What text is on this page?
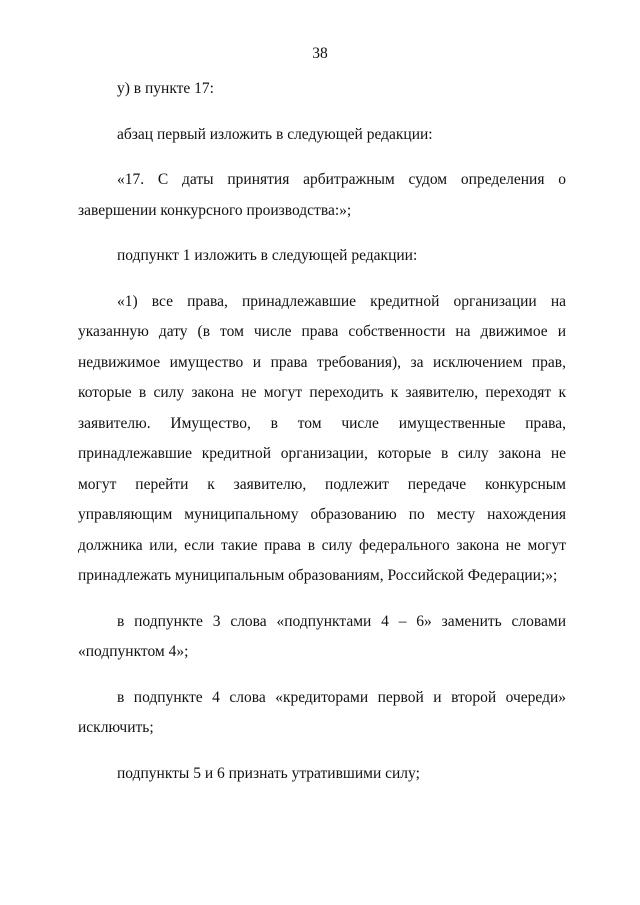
38

у) в пункте 17:

абзац первый изложить в следующей редакции:

«17. С даты принятия арбитражным судом определения о завершении конкурсного производства:»;

подпункт 1 изложить в следующей редакции:

«1) все права, принадлежавшие кредитной организации на указанную дату (в том числе права собственности на движимое и недвижимое имущество и права требования), за исключением прав, которые в силу закона не могут переходить к заявителю, переходят к заявителю. Имущество, в том числе имущественные права, принадлежавшие кредитной организации, которые в силу закона не могут перейти к заявителю, подлежит передаче конкурсным управляющим муниципальному образованию по месту нахождения должника или, если такие права в силу федерального закона не могут принадлежать муниципальным образованиям, Российской Федерации;»;

в подпункте 3 слова «подпунктами 4 – 6» заменить словами «подпунктом 4»;

в подпункте 4 слова «кредиторами первой и второй очереди» исключить;

подпункты 5 и 6 признать утратившими силу;
